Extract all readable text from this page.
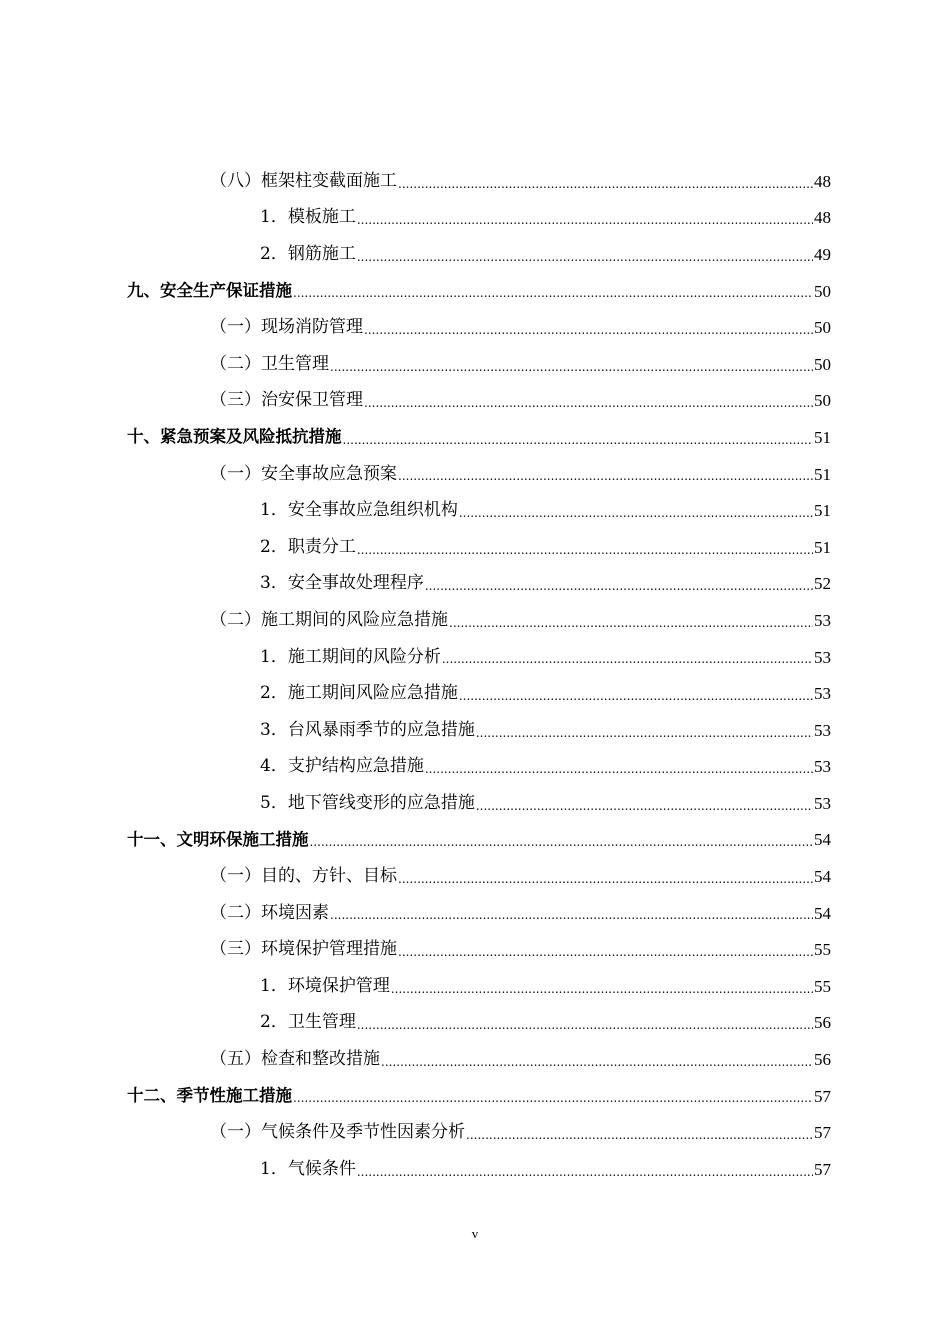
（八）框架柱变截面施工 .....	48
1．模板施工 .....	48
2．钢筋施工 .....	49
九、安全生产保证措施 .....	50
（一）现场消防管理 .....	50
（二）卫生管理 .....	50
（三）治安保卫管理 .....	50
十、紧急预案及风险抵抗措施 .....	51
（一）安全事故应急预案 .....	51
1．安全事故应急组织机构 .....	51
2．职责分工 .....	51
3．安全事故处理程序 .....	52
（二）施工期间的风险应急措施 .....	53
1．施工期间的风险分析 .....	53
2．施工期间风险应急措施 .....	53
3．台风暴雨季节的应急措施 .....	53
4．支护结构应急措施 .....	53
5．地下管线变形的应急措施 .....	53
十一、文明环保施工措施 .....	54
（一）目的、方针、目标 .....	54
（二）环境因素 .....	54
（三）环境保护管理措施 .....	55
1．环境保护管理 .....	55
2．卫生管理 .....	56
（五）检查和整改措施 .....	56
十二、季节性施工措施 .....	57
（一）气候条件及季节性因素分析 .....	57
1．气候条件 .....	57
v
